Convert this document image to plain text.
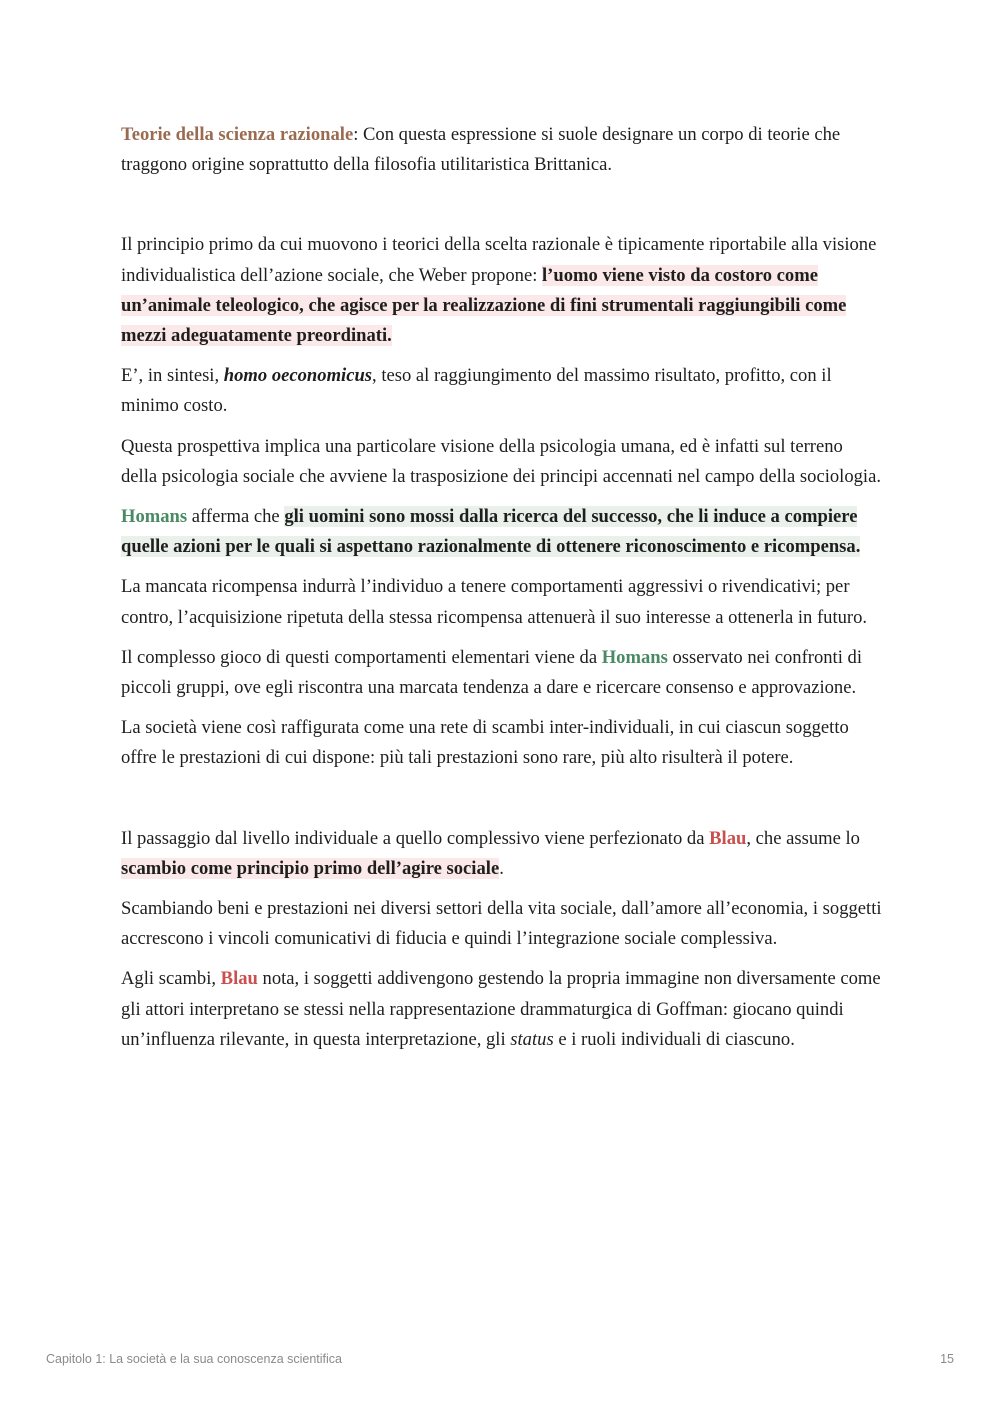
Teorie della scienza razionale: Con questa espressione si suole designare un corpo di teorie che traggono origine soprattutto della filosofia utilitaristica Brittanica.

Il principio primo da cui muovono i teorici della scelta razionale è tipicamente riportabile alla visione individualistica dell’azione sociale, che Weber propone: l’uomo viene visto da costoro come un’animale teleologico, che agisce per la realizzazione di fini strumentali raggiungibili come mezzi adeguatamente preordinati.

E’, in sintesi, homo oeconomicus, teso al raggiungimento del massimo risultato, profitto, con il minimo costo.

Questa prospettiva implica una particolare visione della psicologia umana, ed è infatti sul terreno della psicologia sociale che avviene la trasposizione dei principi accennati nel campo della sociologia.

Homans afferma che gli uomini sono mossi dalla ricerca del successo, che li induce a compiere quelle azioni per le quali si aspettano razionalmente di ottenere riconoscimento e ricompensa.

La mancata ricompensa indurrà l’individuo a tenere comportamenti aggressivi o rivendicativi; per contro, l’acquisizione ripetuta della stessa ricompensa attenuerà il suo interesse a ottenerla in futuro.

Il complesso gioco di questi comportamenti elementari viene da Homans osservato nei confronti di piccoli gruppi, ove egli riscontra una marcata tendenza a dare e ricercare consenso e approvazione.

La società viene così raffigurata come una rete di scambi inter-individuali, in cui ciascun soggetto offre le prestazioni di cui dispone: più tali prestazioni sono rare, più alto risulterà il potere.

Il passaggio dal livello individuale a quello complessivo viene perfezionato da Blau, che assume lo scambio come principio primo dell’agire sociale.

Scambiando beni e prestazioni nei diversi settori della vita sociale, dall’amore all’economia, i soggetti accrescono i vincoli comunicativi di fiducia e quindi l’integrazione sociale complessiva.

Agli scambi, Blau nota, i soggetti addivengono gestendo la propria immagine non diversamente come gli attori interpretano se stessi nella rappresentazione drammaturgica di Goffman: giocano quindi un’influenza rilevante, in questa interpretazione, gli status e i ruoli individuali di ciascuno.

Capitolo 1: La società e la sua conoscenza scientifica	15
